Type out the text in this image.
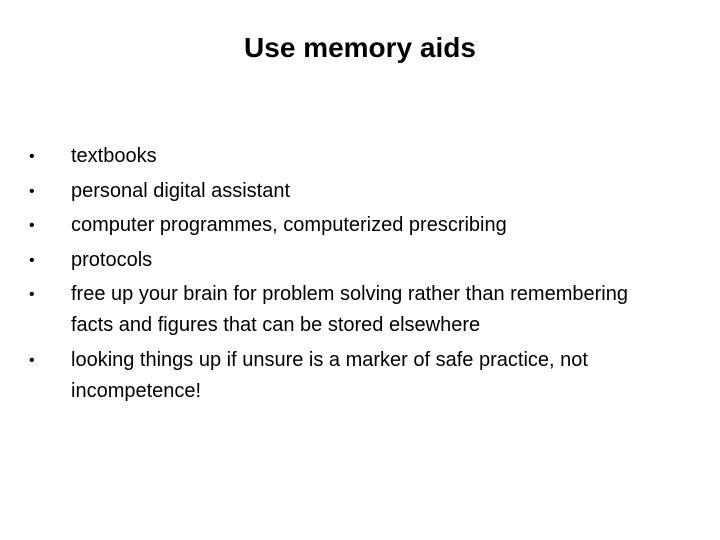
Use memory aids
•	textbooks
•	personal digital assistant
•	computer programmes, computerized prescribing
•	protocols
•	free up your brain for problem solving rather than remembering facts and figures that can be stored elsewhere
•	looking things up if unsure is a marker of safe practice, not incompetence!
